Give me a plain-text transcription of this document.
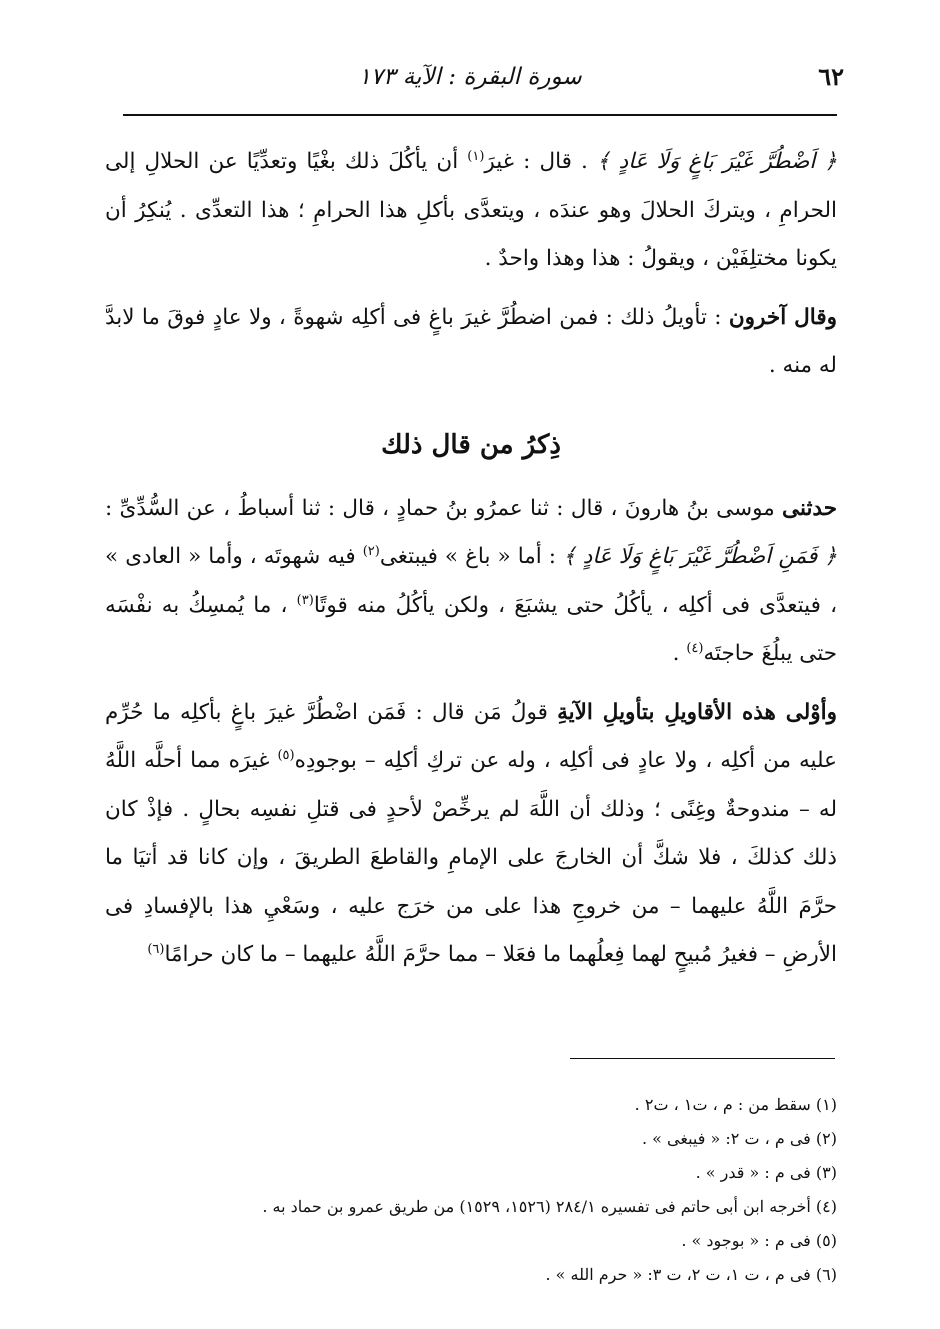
٦٢
سورة البقرة : الآية ١٧٣

﴿ اَضْطُرَّ غَيْرَ بَاغٍ وَلَا عَادٍ ﴾ . قال : غيرَ$^{(١)}$ أن يأكُلَ ذلك بغْيًا وتعدِّيًا عن الحلالِ إلى الحرامِ ، ويتركَ الحلالَ وهو عندَه ، ويتعدَّى بأكلِ هذا الحرامِ ؛ هذا التعدِّى . يُنكِرُ أن يكونا مختلِفَيْن ، ويقولُ : هذا وهذا واحدٌ .

وقال آخرون : تأويلُ ذلك : فمن اضطُرَّ غيرَ باغٍ فى أكلِه شهوةً ، ولا عادٍ فوقَ ما لابدَّ له منه .

ذِكرُ من قال ذلك

حدثنى موسى بنُ هارونَ ، قال : ثنا عمرُو بنُ حمادٍ ، قال : ثنا أسباطُ ، عن السُّدِّىِّ : ﴿ فَمَنِ اَضْطُرَّ غَيْرَ بَاغٍ وَلَا عَادٍ ﴾ : أما « باغ » فيبتغى$^{(٢)}$ فيه شهوتَه ، وأما « العادى » ، فيتعدَّى فى أكلِه ، يأكُلُ حتى يشبَعَ ، ولكن يأكُلُ منه قوتًا$^{(٣)}$ ، ما يُمسِكُ به نفْسَه حتى يبلُغَ حاجتَه$^{(٤)}$ .

وأوْلى هذه الأقاويلِ بتأويلِ الآيةِ قولُ مَن قال : فَمَن اضْطُرَّ غيرَ باغٍ بأكلِه ما حُرِّم عليه من أكلِه ، ولا عادٍ فى أكلِه ، وله عن تركِ أكلِه – بوجودِه$^{(٥)}$ غيرَه مما أحلَّه اللَّهُ له – مندوحةٌ وغِنًى ؛ وذلك أن اللَّهَ لم يرخِّصْ لأحدٍ فى قتلِ نفسِه بحالٍ . فإذْ كان ذلك كذلكَ ، فلا شكَّ أن الخارجَ على الإمامِ والقاطعَ الطريقَ ، وإن كانا قد أتيَا ما حرَّمَ اللَّهُ عليهما – من خروجِ هذا على من خرَج عليه ، وسَعْيِ هذا بالإفسادِ فى الأرضِ – فغيرُ مُبيحٍ لهما فِعلُهما ما فعَلا – مما حرَّمَ اللَّهُ عليهما – ما كان حرامًا$^{(٦)}$

(١) سقط من : م ، ت١ ، ت٢ .
(٢) فى م ، ت ٢: « فيبغى » .
(٣) فى م : « قدر » .
(٤) أخرجه ابن أبى حاتم فى تفسيره ٢٨٤/١ (١٥٢٦، ١٥٢٩) من طريق عمرو بن حماد به .
(٥) فى م : « بوجود » .
(٦) فى م ، ت ١، ت ٢، ت ٣: « حرم الله » .
